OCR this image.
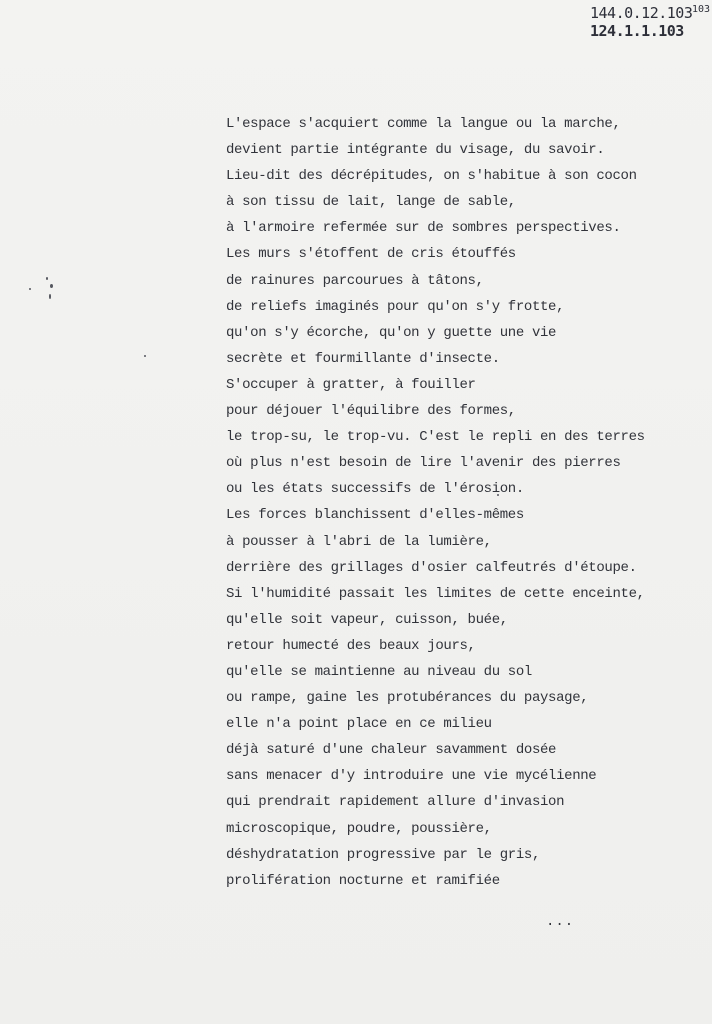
144.0.12.103
124.1.1.103
103
L'espace s'acquiert comme la langue ou la marche,
devient partie intégrante du visage, du savoir.
Lieu-dit des décrépitudes, on s'habitue à son cocon
à son tissu de lait, lange de sable,
à l'armoire refermée sur de sombres perspectives.
Les murs s'étoffent de cris étouffés
de rainures parcourues à tâtons,
de reliefs imaginés pour qu'on s'y frotte,
qu'on s'y écorche, qu'on y guette une vie
secrète et fourmillante d'insecte.
S'occuper à gratter, à fouiller
pour déjouer l'équilibre des formes,
le trop-su, le trop-vu. C'est le repli en des terres
où plus n'est besoin de lire l'avenir des pierres
ou les états successifs de l'érosion.
Les forces blanchissent d'elles-mêmes
à pousser à l'abri de la lumière,
derrière des grillages d'osier calfeutrés d'étoupe.
Si l'humidité passait les limites de cette enceinte,
qu'elle soit vapeur, cuisson, buée,
retour humecté des beaux jours,
qu'elle se maintienne au niveau du sol
ou rampe, gaine les protubérances du paysage,
elle n'a point place en ce milieu
déjà saturé d'une chaleur savamment dosée
sans menacer d'y introduire une vie mycélienne
qui prendrait rapidement allure d'invasion
microscopique, poudre, poussière,
déshydratation progressive par le gris,
prolifération nocturne et ramifiée
...
